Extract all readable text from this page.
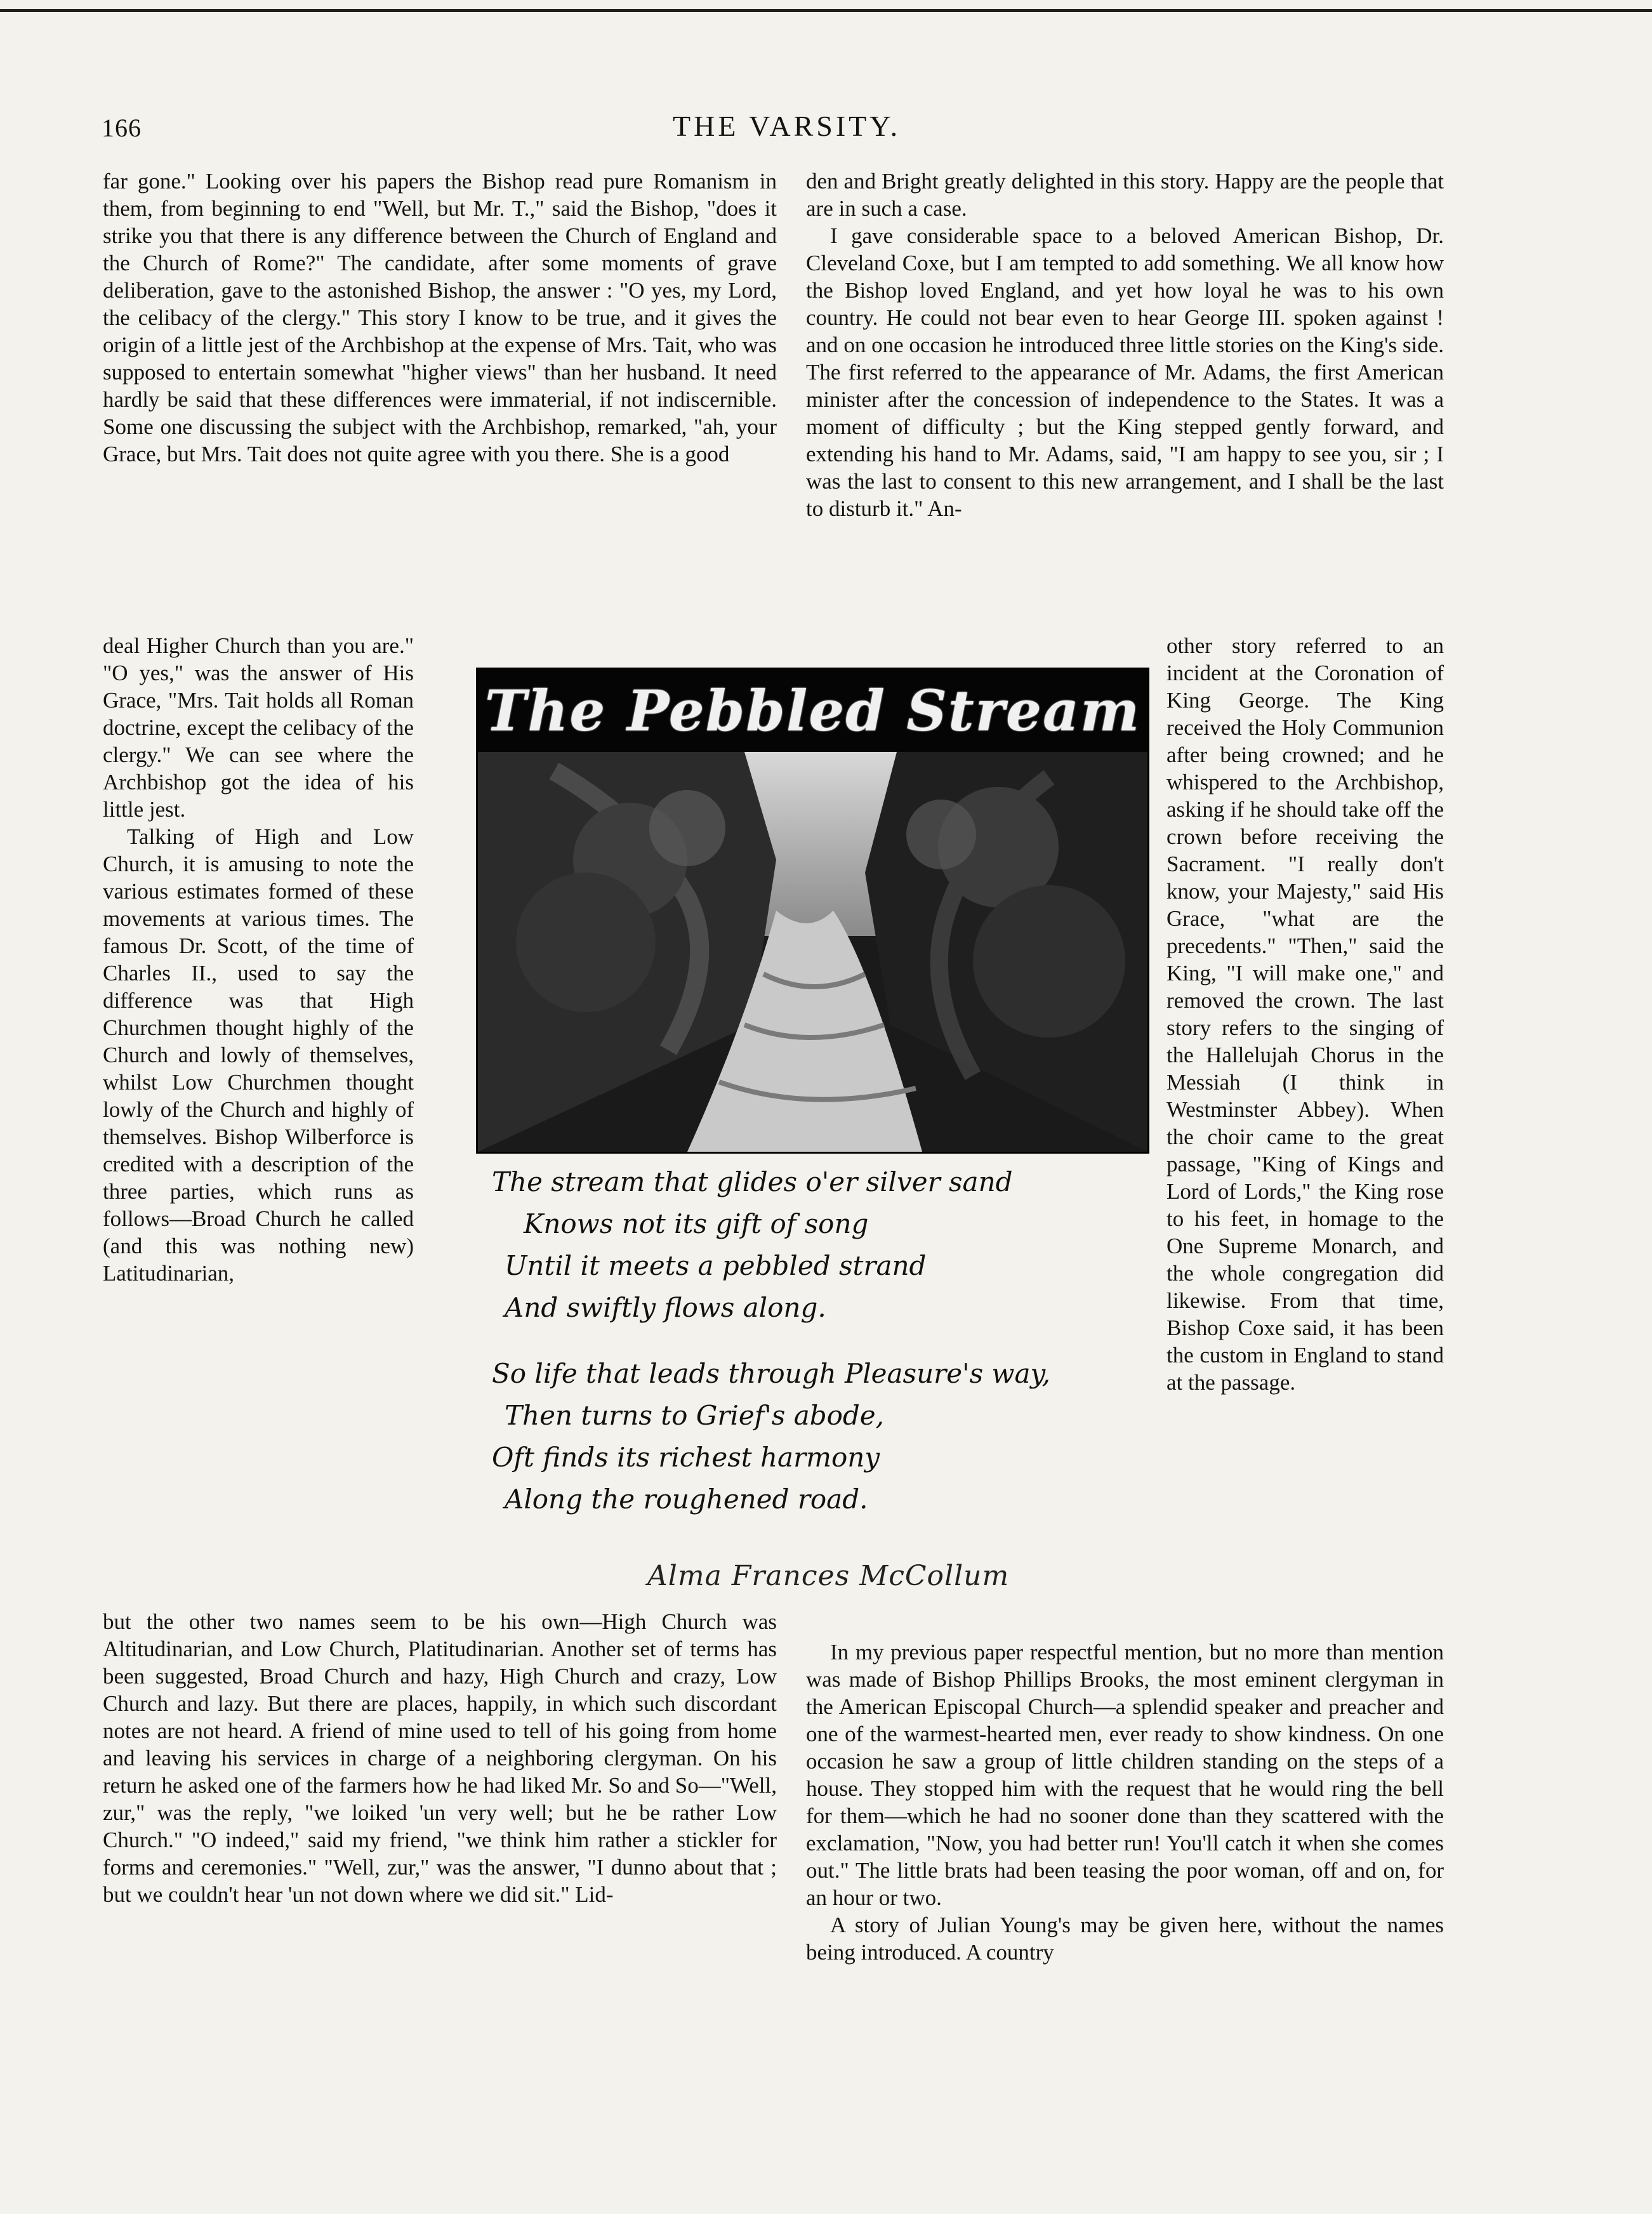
166	THE VARSITY.

far gone." Looking over his papers the Bishop read pure Romanism in them, from beginning to end "Well, but Mr. T.," said the Bishop, "does it strike you that there is any difference between the Church of England and the Church of Rome?" The candidate, after some moments of grave deliberation, gave to the astonished Bishop, the answer : "O yes, my Lord, the celibacy of the clergy." This story I know to be true, and it gives the origin of a little jest of the Archbishop at the expense of Mrs. Tait, who was supposed to entertain somewhat "higher views" than her husband. It need hardly be said that these differences were immaterial, if not indiscernible. Some one discussing the subject with the Archbishop, remarked, "ah, your Grace, but Mrs. Tait does not quite agree with you there. She is a good

deal Higher Church than you are." "O yes," was the answer of His Grace, "Mrs. Tait holds all Roman doctrine, except the celibacy of the clergy." We can see where the Archbishop got the idea of his little jest.

Talking of High and Low Church, it is amusing to note the various estimates formed of these movements at various times. The famous Dr. Scott, of the time of Charles II., used to say the difference was that High Churchmen thought highly of the Church and lowly of themselves, whilst Low Churchmen thought lowly of the Church and highly of themselves. Bishop Wilberforce is credited with a description of the three parties, which runs as follows—Broad Church he called (and this was nothing new) Latitudinarian,

but the other two names seem to be his own—High Church was Altitudinarian, and Low Church, Platitudinarian. Another set of terms has been suggested, Broad Church and hazy, High Church and crazy, Low Church and lazy. But there are places, happily, in which such discordant notes are not heard. A friend of mine used to tell of his going from home and leaving his services in charge of a neighboring clergyman. On his return he asked one of the farmers how he had liked Mr. So and So—"Well, zur," was the reply, "we loiked 'un very well; but he be rather Low Church." "O indeed," said my friend, "we think him rather a stickler for forms and ceremonies." "Well, zur," was the answer, "I dunno about that ; but we couldn't hear 'un not down where we did sit." Lid-

den and Bright greatly delighted in this story. Happy are the people that are in such a case.

I gave considerable space to a beloved American Bishop, Dr. Cleveland Coxe, but I am tempted to add something. We all know how the Bishop loved England, and yet how loyal he was to his own country. He could not bear even to hear George III. spoken against ! and on one occasion he introduced three little stories on the King's side. The first referred to the appearance of Mr. Adams, the first American minister after the concession of independence to the States. It was a moment of difficulty ; but the King stepped gently forward, and extending his hand to Mr. Adams, said, "I am happy to see you, sir ; I was the last to consent to this new arrangement, and I shall be the last to disturb it." An-

other story referred to an incident at the Coronation of King George. The King received the Holy Communion after being crowned; and he whispered to the Archbishop, asking if he should take off the crown before receiving the Sacrament. "I really don't know, your Majesty," said His Grace, "what are the precedents." "Then," said the King, "I will make one," and removed the crown. The last story refers to the singing of the Hallelujah Chorus in the Messiah (I think in Westminster Abbey). When the choir came to the great passage, "King of Kings and Lord of Lords," the King rose to his feet, in homage to the One Supreme Monarch, and the whole congregation did likewise. From that time, Bishop Coxe said, it has been the custom in England to stand at the passage.

In my previous paper respectful mention, but no more than mention was made of Bishop Phillips Brooks, the most eminent clergyman in the American Episcopal Church—a splendid speaker and preacher and one of the warmest-hearted men, ever ready to show kindness. On one occasion he saw a group of little children standing on the steps of a house. They stopped him with the request that he would ring the bell for them—which he had no sooner done than they scattered with the exclamation, "Now, you had better run! You'll catch it when she comes out." The little brats had been teasing the poor woman, off and on, for an hour or two.

A story of Julian Young's may be given here, without the names being introduced. A country

The Pebbled Stream
The stream that glides o'er silver sand
Knows not its gift of song
Until it meets a pebbled strand
And swiftly flows along.
So life that leads through Pleasure's way,
Then turns to Grief's abode,
Oft finds its richest harmony
Along the roughened road.
Alma Frances McCollum
